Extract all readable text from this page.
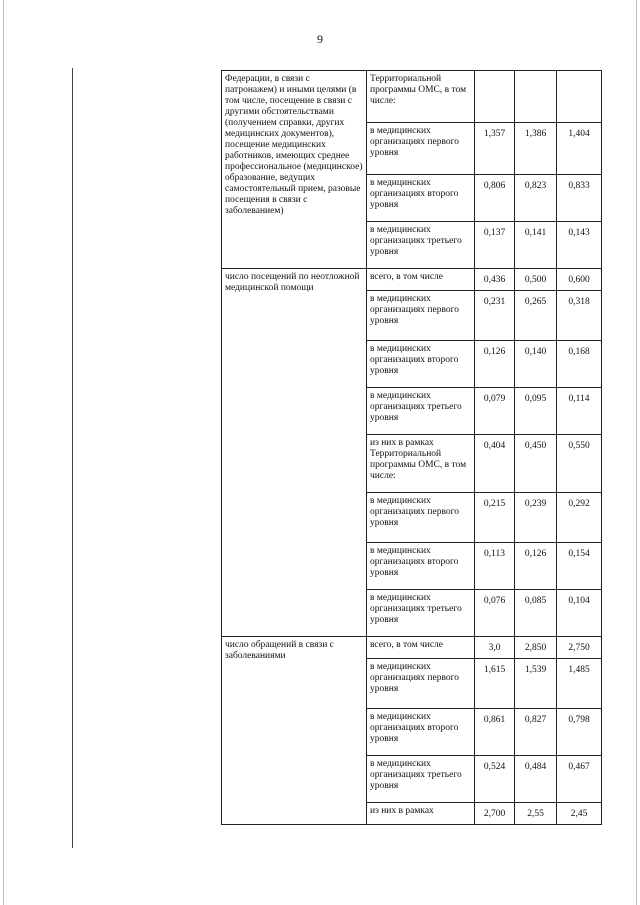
9
Федерации, в связи с патронажем) и иными целями (в том числе, посещение в связи с другими обстоятельствами (получением справки, других медицинских документов), посещение медицинских работников, имеющих среднее профессиональное (медицинское) образование, ведущих самостоятельный прием, разовые посещения в связи с заболеванием)	Территориальной программы ОМС, в том числе:			
	в медицинских организациях первого уровня	1,357	1,386	1,404
	в медицинских организациях второго уровня	0,806	0,823	0,833
	в медицинских организациях третьего уровня	0,137	0,141	0,143
число посещений по неотложной медицинской помощи	всего, в том числе	0,436	0,500	0,600
	в медицинских организациях первого уровня	0,231	0,265	0,318
	в медицинских организациях второго уровня	0,126	0,140	0,168
	в медицинских организациях третьего уровня	0,079	0,095	0,114
	из них в рамках Территориальной программы ОМС, в том числе:	0,404	0,450	0,550
	в медицинских организациях первого уровня	0,215	0,239	0,292
	в медицинских организациях второго уровня	0,113	0,126	0,154
	в медицинских организациях третьего уровня	0,076	0,085	0,104
число обращений в связи с заболеваниями	всего, в том числе	3,0	2,850	2,750
	в медицинских организациях первого уровня	1,615	1,539	1,485
	в медицинских организациях второго уровня	0,861	0,827	0,798
	в медицинских организациях третьего уровня	0,524	0,484	0,467
	из них в рамках	2,700	2,55	2,45
